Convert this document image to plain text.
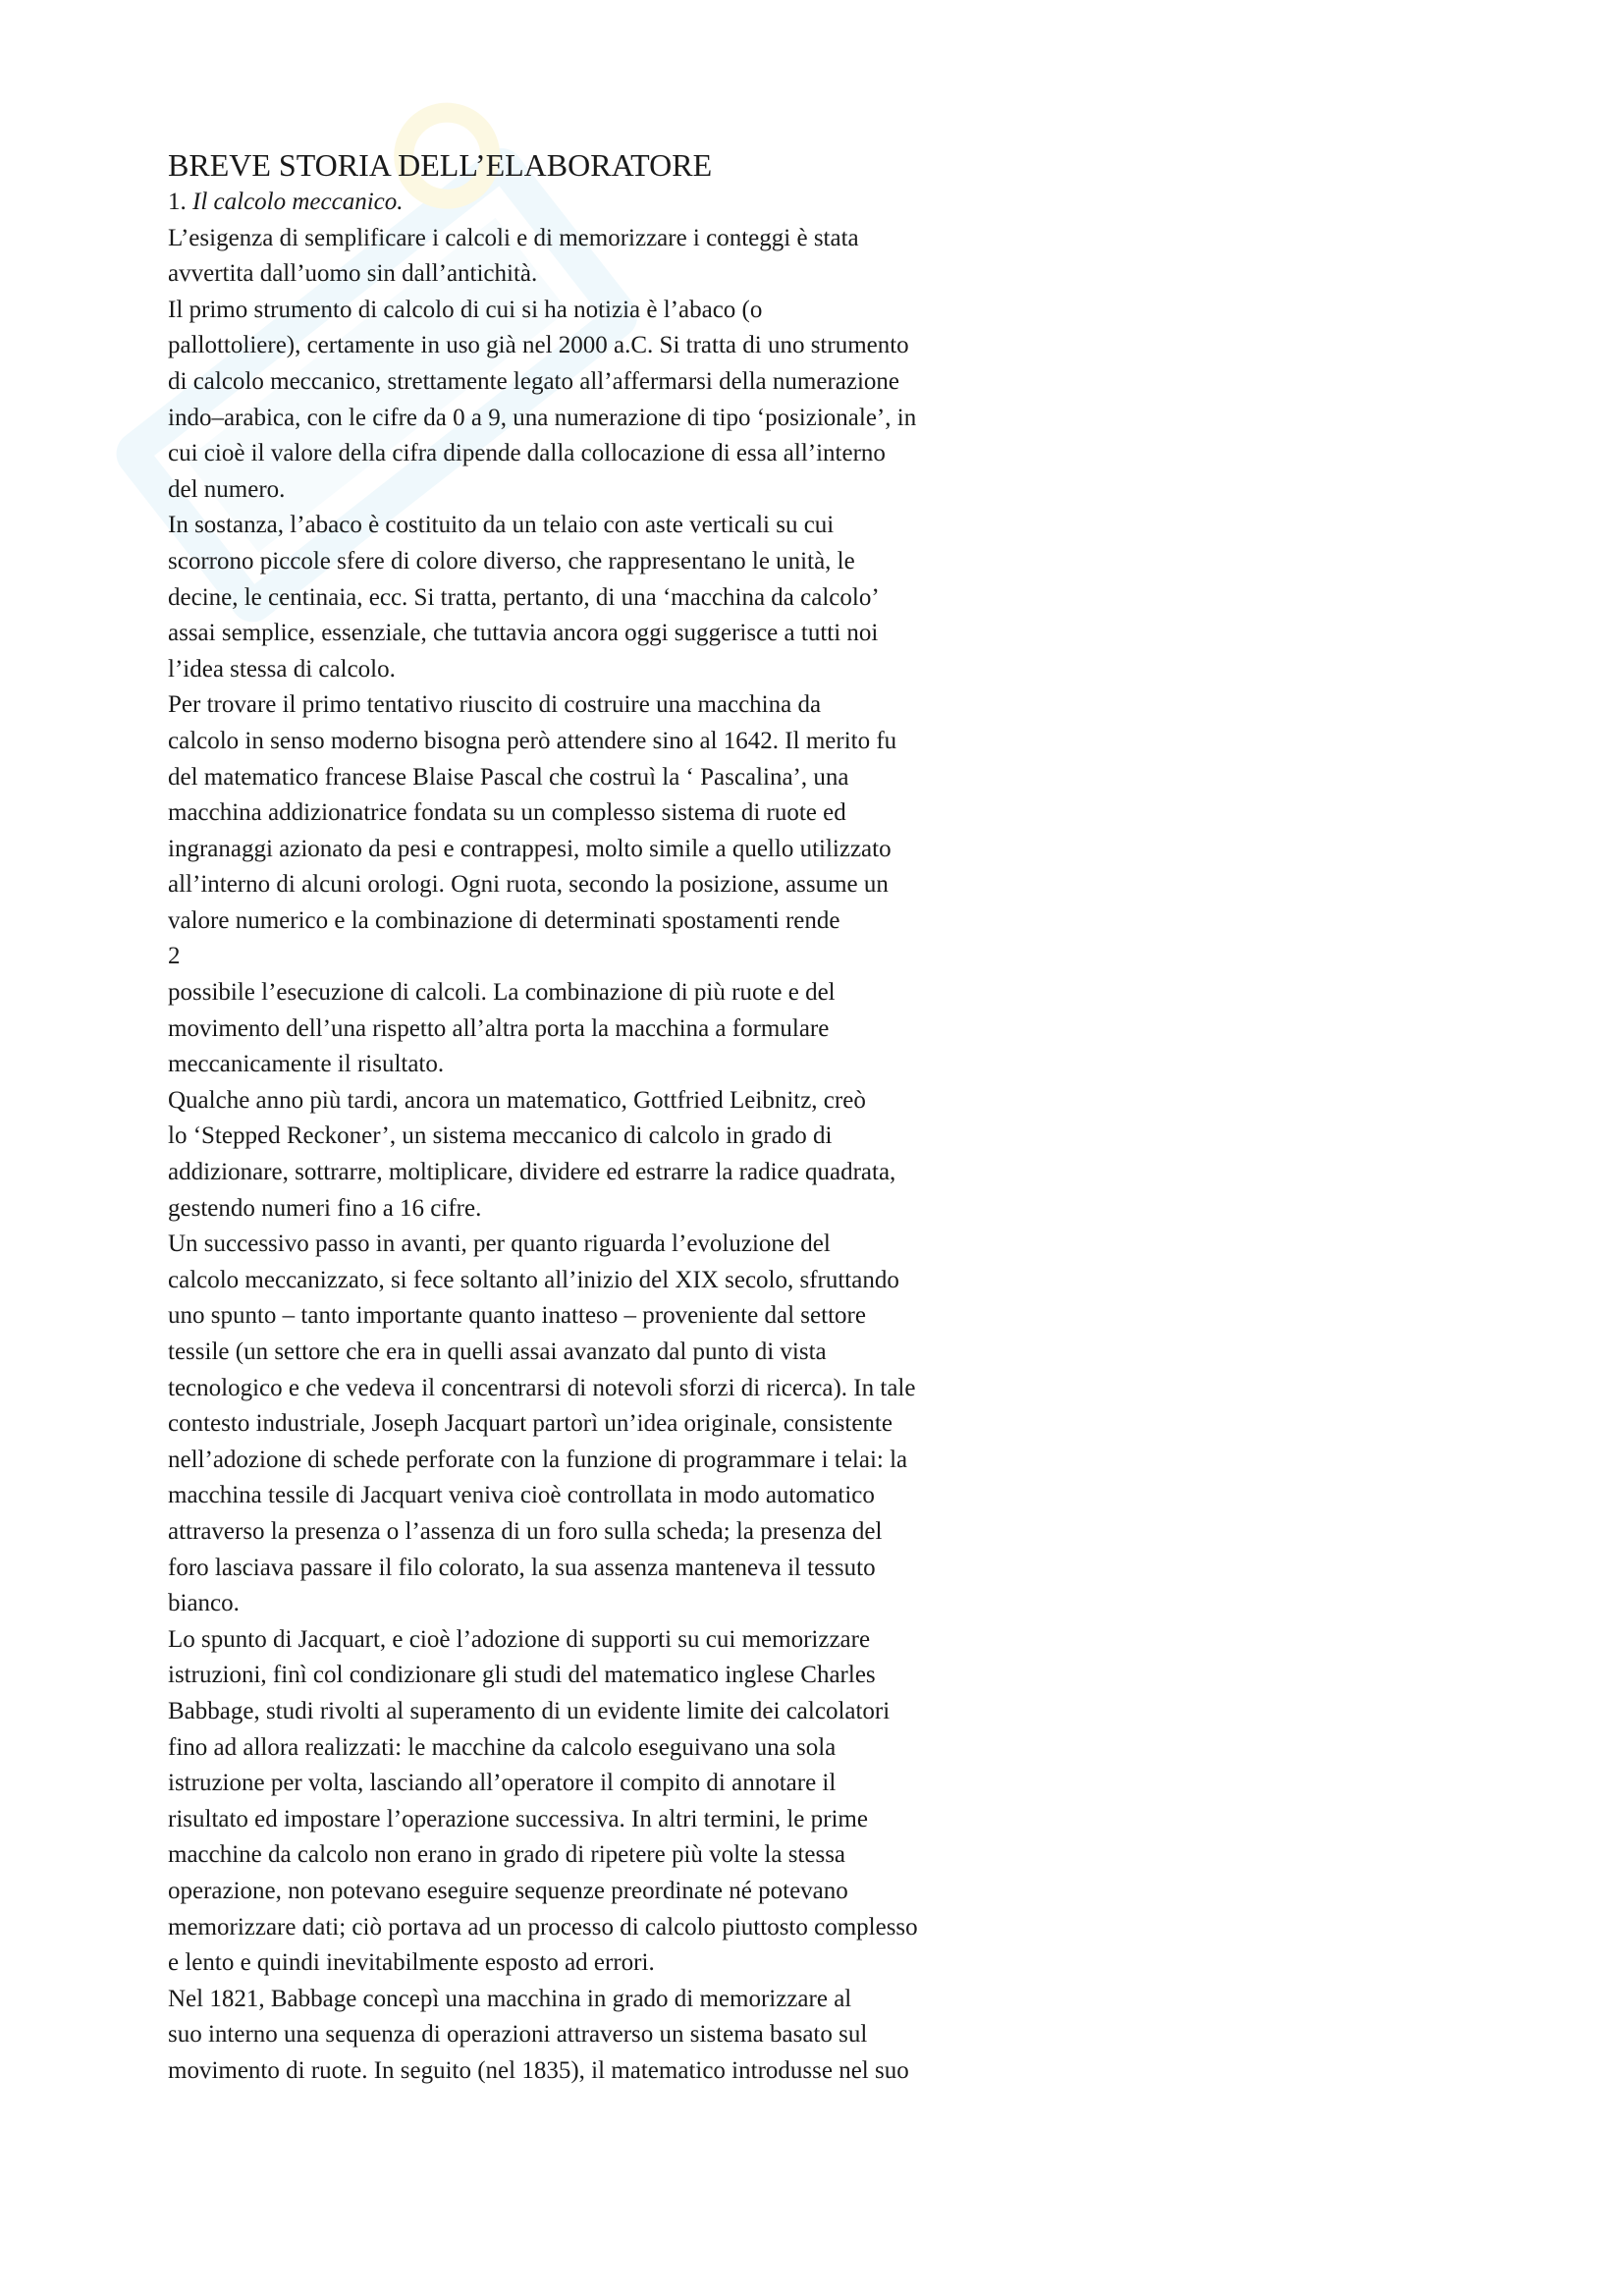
BREVE STORIA DELL’ELABORATORE
1. Il calcolo meccanico.
L’esigenza di semplificare i calcoli e di memorizzare i conteggi è stata
avvertita dall’uomo sin dall’antichità.
Il primo strumento di calcolo di cui si ha notizia è l’abaco (o
pallottoliere), certamente in uso già nel 2000 a.C. Si tratta di uno strumento
di calcolo meccanico, strettamente legato all’affermarsi della numerazione
indo–arabica, con le cifre da 0 a 9, una numerazione di tipo ‘posizionale’, in
cui cioè il valore della cifra dipende dalla collocazione di essa all’interno
del numero.
In sostanza, l’abaco è costituito da un telaio con aste verticali su cui
scorrono piccole sfere di colore diverso, che rappresentano le unità, le
decine, le centinaia, ecc. Si tratta, pertanto, di una ‘macchina da calcolo’
assai semplice, essenziale, che tuttavia ancora oggi suggerisce a tutti noi
l’idea stessa di calcolo.
Per trovare il primo tentativo riuscito di costruire una macchina da
calcolo in senso moderno bisogna però attendere sino al 1642. Il merito fu
del matematico francese Blaise Pascal che costruì la ‘ Pascalina’, una
macchina addizionatrice fondata su un complesso sistema di ruote ed
ingranaggi azionato da pesi e contrappesi, molto simile a quello utilizzato
all’interno di alcuni orologi. Ogni ruota, secondo la posizione, assume un
valore numerico e la combinazione di determinati spostamenti rende
2
possibile l’esecuzione di calcoli. La combinazione di più ruote e del
movimento dell’una rispetto all’altra porta la macchina a formulare
meccanicamente il risultato.
Qualche anno più tardi, ancora un matematico, Gottfried Leibnitz, creò
lo ‘Stepped Reckoner’, un sistema meccanico di calcolo in grado di
addizionare, sottrarre, moltiplicare, dividere ed estrarre la radice quadrata,
gestendo numeri fino a 16 cifre.
Un successivo passo in avanti, per quanto riguarda l’evoluzione del
calcolo meccanizzato, si fece soltanto all’inizio del XIX secolo, sfruttando
uno spunto – tanto importante quanto inatteso – proveniente dal settore
tessile (un settore che era in quelli assai avanzato dal punto di vista
tecnologico e che vedeva il concentrarsi di notevoli sforzi di ricerca). In tale
contesto industriale, Joseph Jacquart partorì un’idea originale, consistente
nell’adozione di schede perforate con la funzione di programmare i telai: la
macchina tessile di Jacquart veniva cioè controllata in modo automatico
attraverso la presenza o l’assenza di un foro sulla scheda; la presenza del
foro lasciava passare il filo colorato, la sua assenza manteneva il tessuto
bianco.
Lo spunto di Jacquart, e cioè l’adozione di supporti su cui memorizzare
istruzioni, finì col condizionare gli studi del matematico inglese Charles
Babbage, studi rivolti al superamento di un evidente limite dei calcolatori
fino ad allora realizzati: le macchine da calcolo eseguivano una sola
istruzione per volta, lasciando all’operatore il compito di annotare il
risultato ed impostare l’operazione successiva. In altri termini, le prime
macchine da calcolo non erano in grado di ripetere più volte la stessa
operazione, non potevano eseguire sequenze preordinate né potevano
memorizzare dati; ciò portava ad un processo di calcolo piuttosto complesso
e lento e quindi inevitabilmente esposto ad errori.
Nel 1821, Babbage concepì una macchina in grado di memorizzare al
suo interno una sequenza di operazioni attraverso un sistema basato sul
movimento di ruote. In seguito (nel 1835), il matematico introdusse nel suo
